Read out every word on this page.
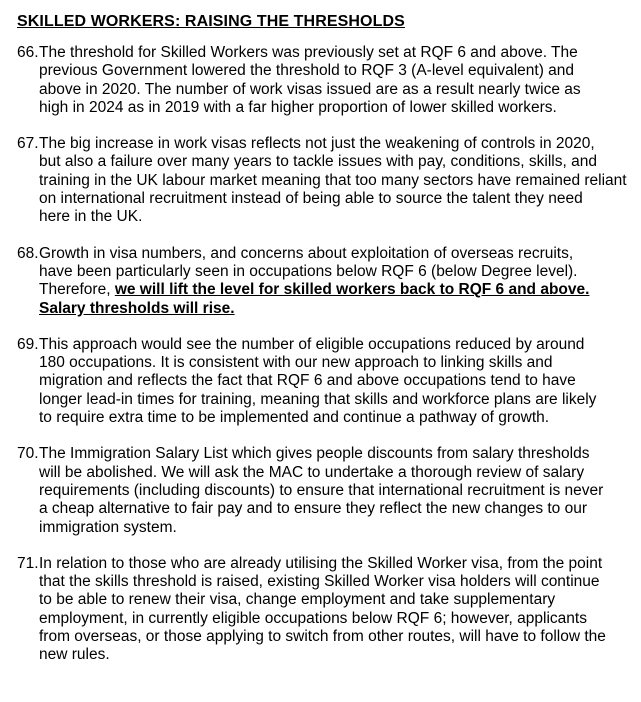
SKILLED WORKERS: RAISING THE THRESHOLDS
66. The threshold for Skilled Workers was previously set at RQF 6 and above. The
previous Government lowered the threshold to RQF 3 (A-level equivalent) and
above in 2020. The number of work visas issued are as a result nearly twice as
high in 2024 as in 2019 with a far higher proportion of lower skilled workers.
67. The big increase in work visas reflects not just the weakening of controls in 2020,
but also a failure over many years to tackle issues with pay, conditions, skills, and
training in the UK labour market meaning that too many sectors have remained reliant
on international recruitment instead of being able to source the talent they need
here in the UK.
68. Growth in visa numbers, and concerns about exploitation of overseas recruits,
have been particularly seen in occupations below RQF 6 (below Degree level).
Therefore, we will lift the level for skilled workers back to RQF 6 and above.
Salary thresholds will rise.
69. This approach would see the number of eligible occupations reduced by around
180 occupations. It is consistent with our new approach to linking skills and
migration and reflects the fact that RQF 6 and above occupations tend to have
longer lead-in times for training, meaning that skills and workforce plans are likely
to require extra time to be implemented and continue a pathway of growth.
70. The Immigration Salary List which gives people discounts from salary thresholds
will be abolished. We will ask the MAC to undertake a thorough review of salary
requirements (including discounts) to ensure that international recruitment is never
a cheap alternative to fair pay and to ensure they reflect the new changes to our
immigration system.
71. In relation to those who are already utilising the Skilled Worker visa, from the point
that the skills threshold is raised, existing Skilled Worker visa holders will continue
to be able to renew their visa, change employment and take supplementary
employment, in currently eligible occupations below RQF 6; however, applicants
from overseas, or those applying to switch from other routes, will have to follow the
new rules.
